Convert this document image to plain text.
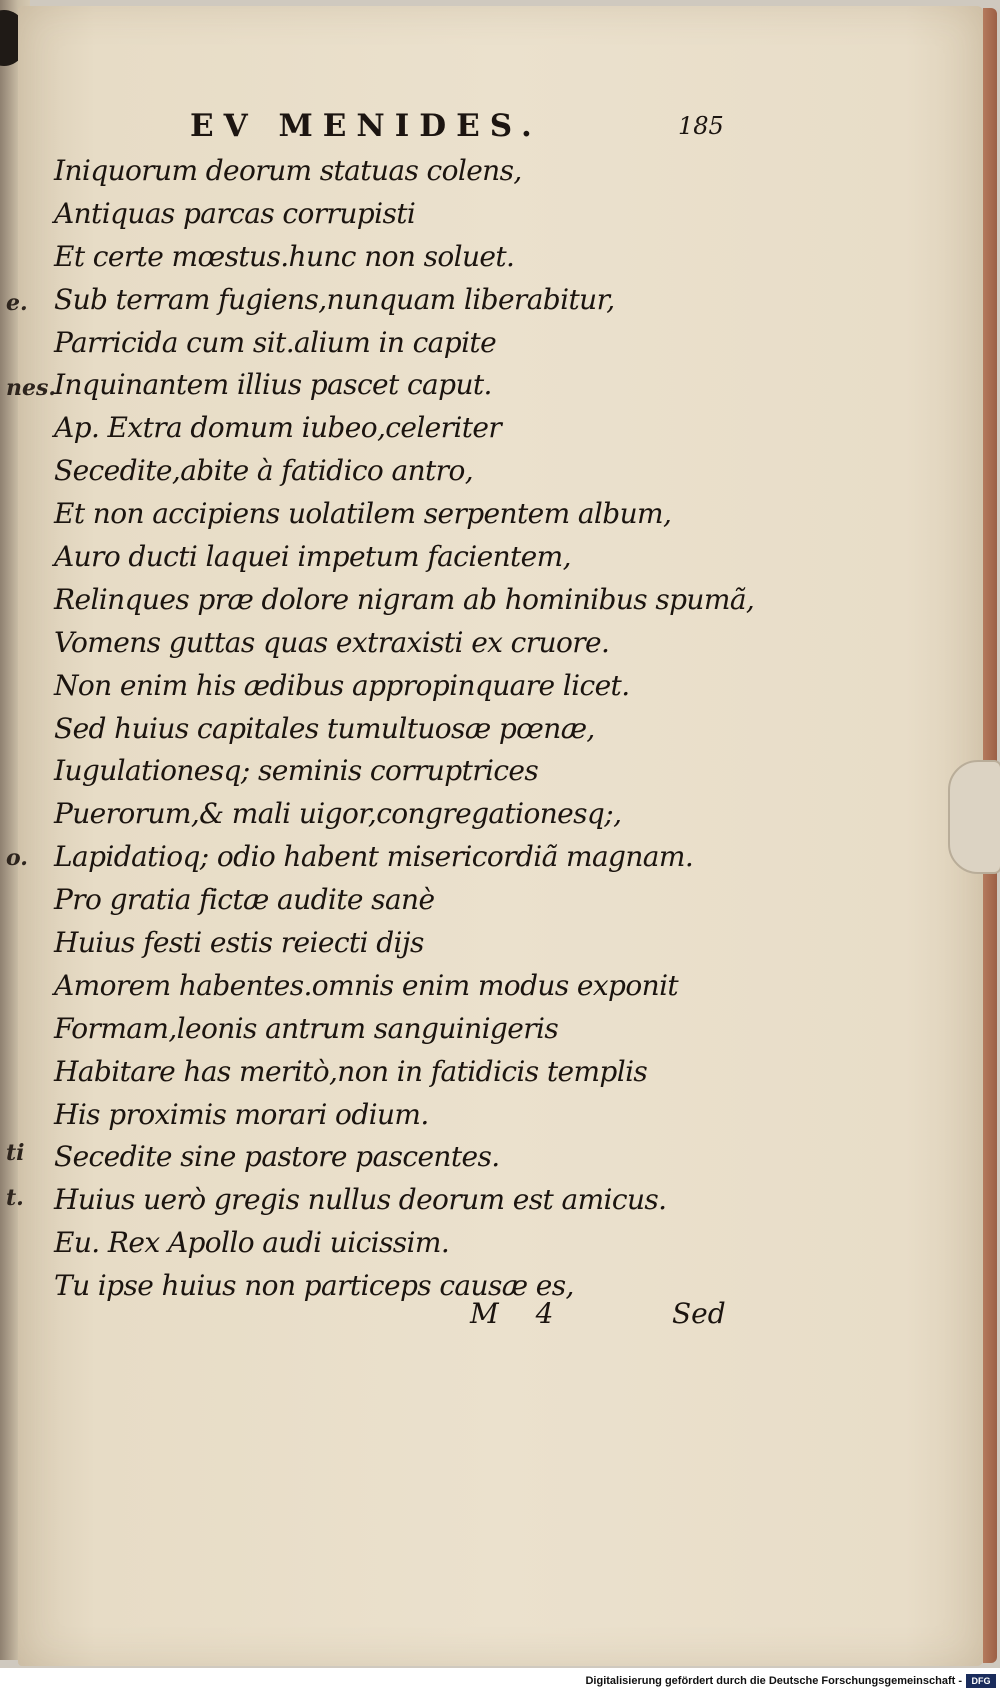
e.
nes.
o.
ti
t.
EV MENIDES.	185
Iniquorum deorum statuas colens,
Antiquas parcas corrupisti
Et certe mœstus.hunc non soluet.
Sub terram fugiens,nunquam liberabitur,
Parricida cum sit.alium in capite
Inquinantem illius pascet caput.
Ap. Extra domum iubeo,celeriter
Secedite,abite à fatidico antro,
Et non accipiens uolatilem serpentem album,
Auro ducti laquei impetum facientem,
Relinques præ dolore nigram ab hominibus spumã,
Vomens guttas quas extraxisti ex cruore.
Non enim his ædibus appropinquare licet.
Sed huius capitales tumultuosæ pœnæ,
Iugulationesq; seminis corruptrices
Puerorum,& mali uigor,congregationesq;,
Lapidatioq; odio habent misericordiã magnam.
Pro gratia fictæ audite sanè
Huius festi estis reiecti dijs
Amorem habentes.omnis enim modus exponit
Formam,leonis antrum sanguinigeris
Habitare has meritò,non in fatidicis templis
His proximis morari odium.
Secedite sine pastore pascentes.
Huius uerò gregis nullus deorum est amicus.
Eu. Rex Apollo audi uicissim.
Tu ipse huius non particeps causæ es,
M 4	Sed
Digitalisierung gefördert durch die Deutsche Forschungsgemeinschaft -	DFG
